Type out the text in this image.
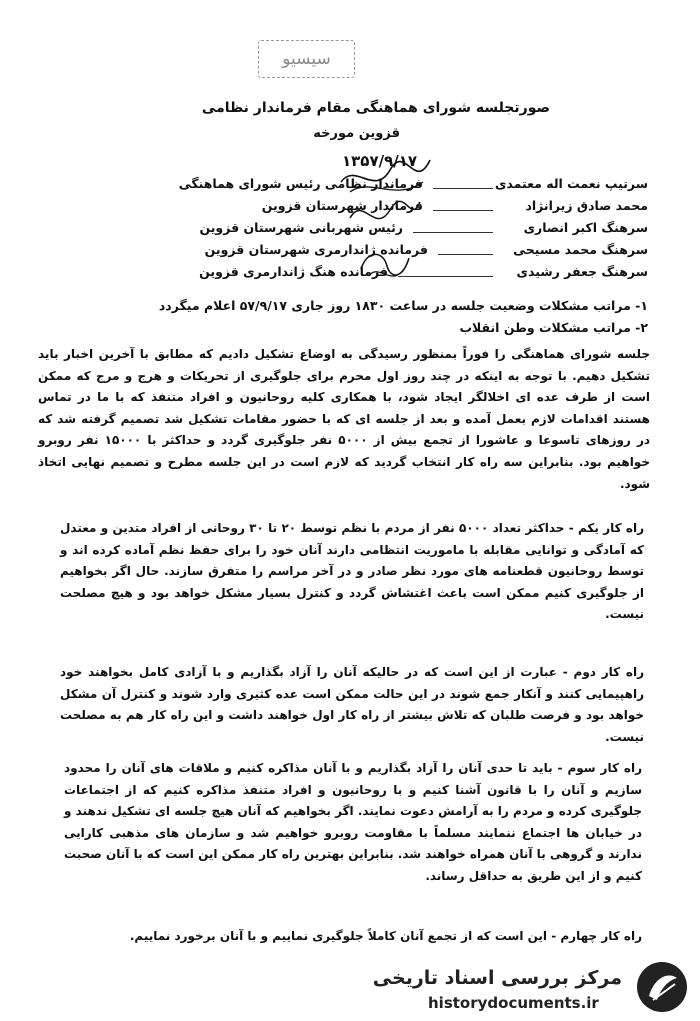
سیسیو
صورتجلسه شورای هماهنگی مقام فرماندار نظامی
قزوین مورخه
۱۳۵۷/۹/۱۷
سرتیپ نعمت اله معتمدی
فرماندار نظامی رئیس شورای هماهنگی
محمد صادق زیرانژاد
فرماندار شهرستان قزوین
سرهنگ اکبر انصاری
رئیس شهربانی شهرستان قزوین
سرهنگ محمد مسیحی
فرمانده ژاندارمری شهرستان قزوین
سرهنگ جعفر رشیدی
فرمانده هنگ ژاندارمری قزوین
۱- مراتب مشکلات وضعیت جلسه در ساعت ۱۸۳۰ روز جاری ۵۷/۹/۱۷ اعلام میگردد
۲- مراتب مشکلات وطن انقلاب
جلسه شورای هماهنگی را فوراً بمنظور رسیدگی به اوضاع تشکیل دادیم که مطابق با آخرین اخبار باید تشکیل دهیم. با توجه به اینکه در چند روز اول محرم برای جلوگیری از تحریکات و هرج و مرج که ممکن است از طرف عده ای اخلالگر ایجاد شود، با همکاری کلیه روحانیون و افراد متنفذ که با ما در تماس هستند اقدامات لازم بعمل آمده و بعد از جلسه ای که با حضور مقامات تشکیل شد تصمیم گرفته شد که در روزهای تاسوعا و عاشورا از تجمع بیش از ۵۰۰۰ نفر جلوگیری گردد و حداکثر با ۱۵۰۰۰ نفر روبرو خواهیم بود. بنابراین سه راه کار انتخاب گردید که لازم است در این جلسه مطرح و تصمیم نهایی اتخاذ شود.
راه کار یکم - حداکثر تعداد ۵۰۰۰ نفر از مردم با نظم توسط ۲۰ تا ۳۰ روحانی از افراد متدین و معتدل که آمادگی و توانایی مقابله با ماموریت انتظامی دارند آنان خود را برای حفظ نظم آماده کرده اند و توسط روحانیون قطعنامه های مورد نظر صادر و در آخر مراسم را متفرق سازند. حال اگر بخواهیم از جلوگیری کنیم ممکن است باعث اغتشاش گردد و کنترل بسیار مشکل خواهد بود و هیچ مصلحت نیست.
راه کار دوم - عبارت از این است که در حالیکه آنان را آزاد بگذاریم و با آزادی کامل بخواهند خود راهپیمایی کنند و آنکار جمع شوند در این حالت ممکن است عده کثیری وارد شوند و کنترل آن مشکل خواهد بود و فرصت طلبان که تلاش بیشتر از راه کار اول خواهند داشت و این راه کار هم به مصلحت نیست.
راه کار سوم - باید تا حدی آنان را آزاد بگذاریم و با آنان مذاکره کنیم و ملاقات های آنان را محدود سازیم و آنان را با قانون آشنا کنیم و با روحانیون و افراد متنفذ مذاکره کنیم که از اجتماعات جلوگیری کرده و مردم را به آرامش دعوت نمایند. اگر بخواهیم که آنان هیچ جلسه ای تشکیل ندهند و در خیابان ها اجتماع ننمایند مسلماً با مقاومت روبرو خواهیم شد و سازمان های مذهبی کارایی ندارند و گروهی با آنان همراه خواهند شد. بنابراین بهترین راه کار ممکن این است که با آنان صحبت کنیم و از این طریق به حداقل رساند.
راه کار چهارم - این است که از تجمع آنان کاملاً جلوگیری نماییم و با آنان برخورد نماییم.
مرکز بررسی اسناد تاریخی
historydocuments.ir
